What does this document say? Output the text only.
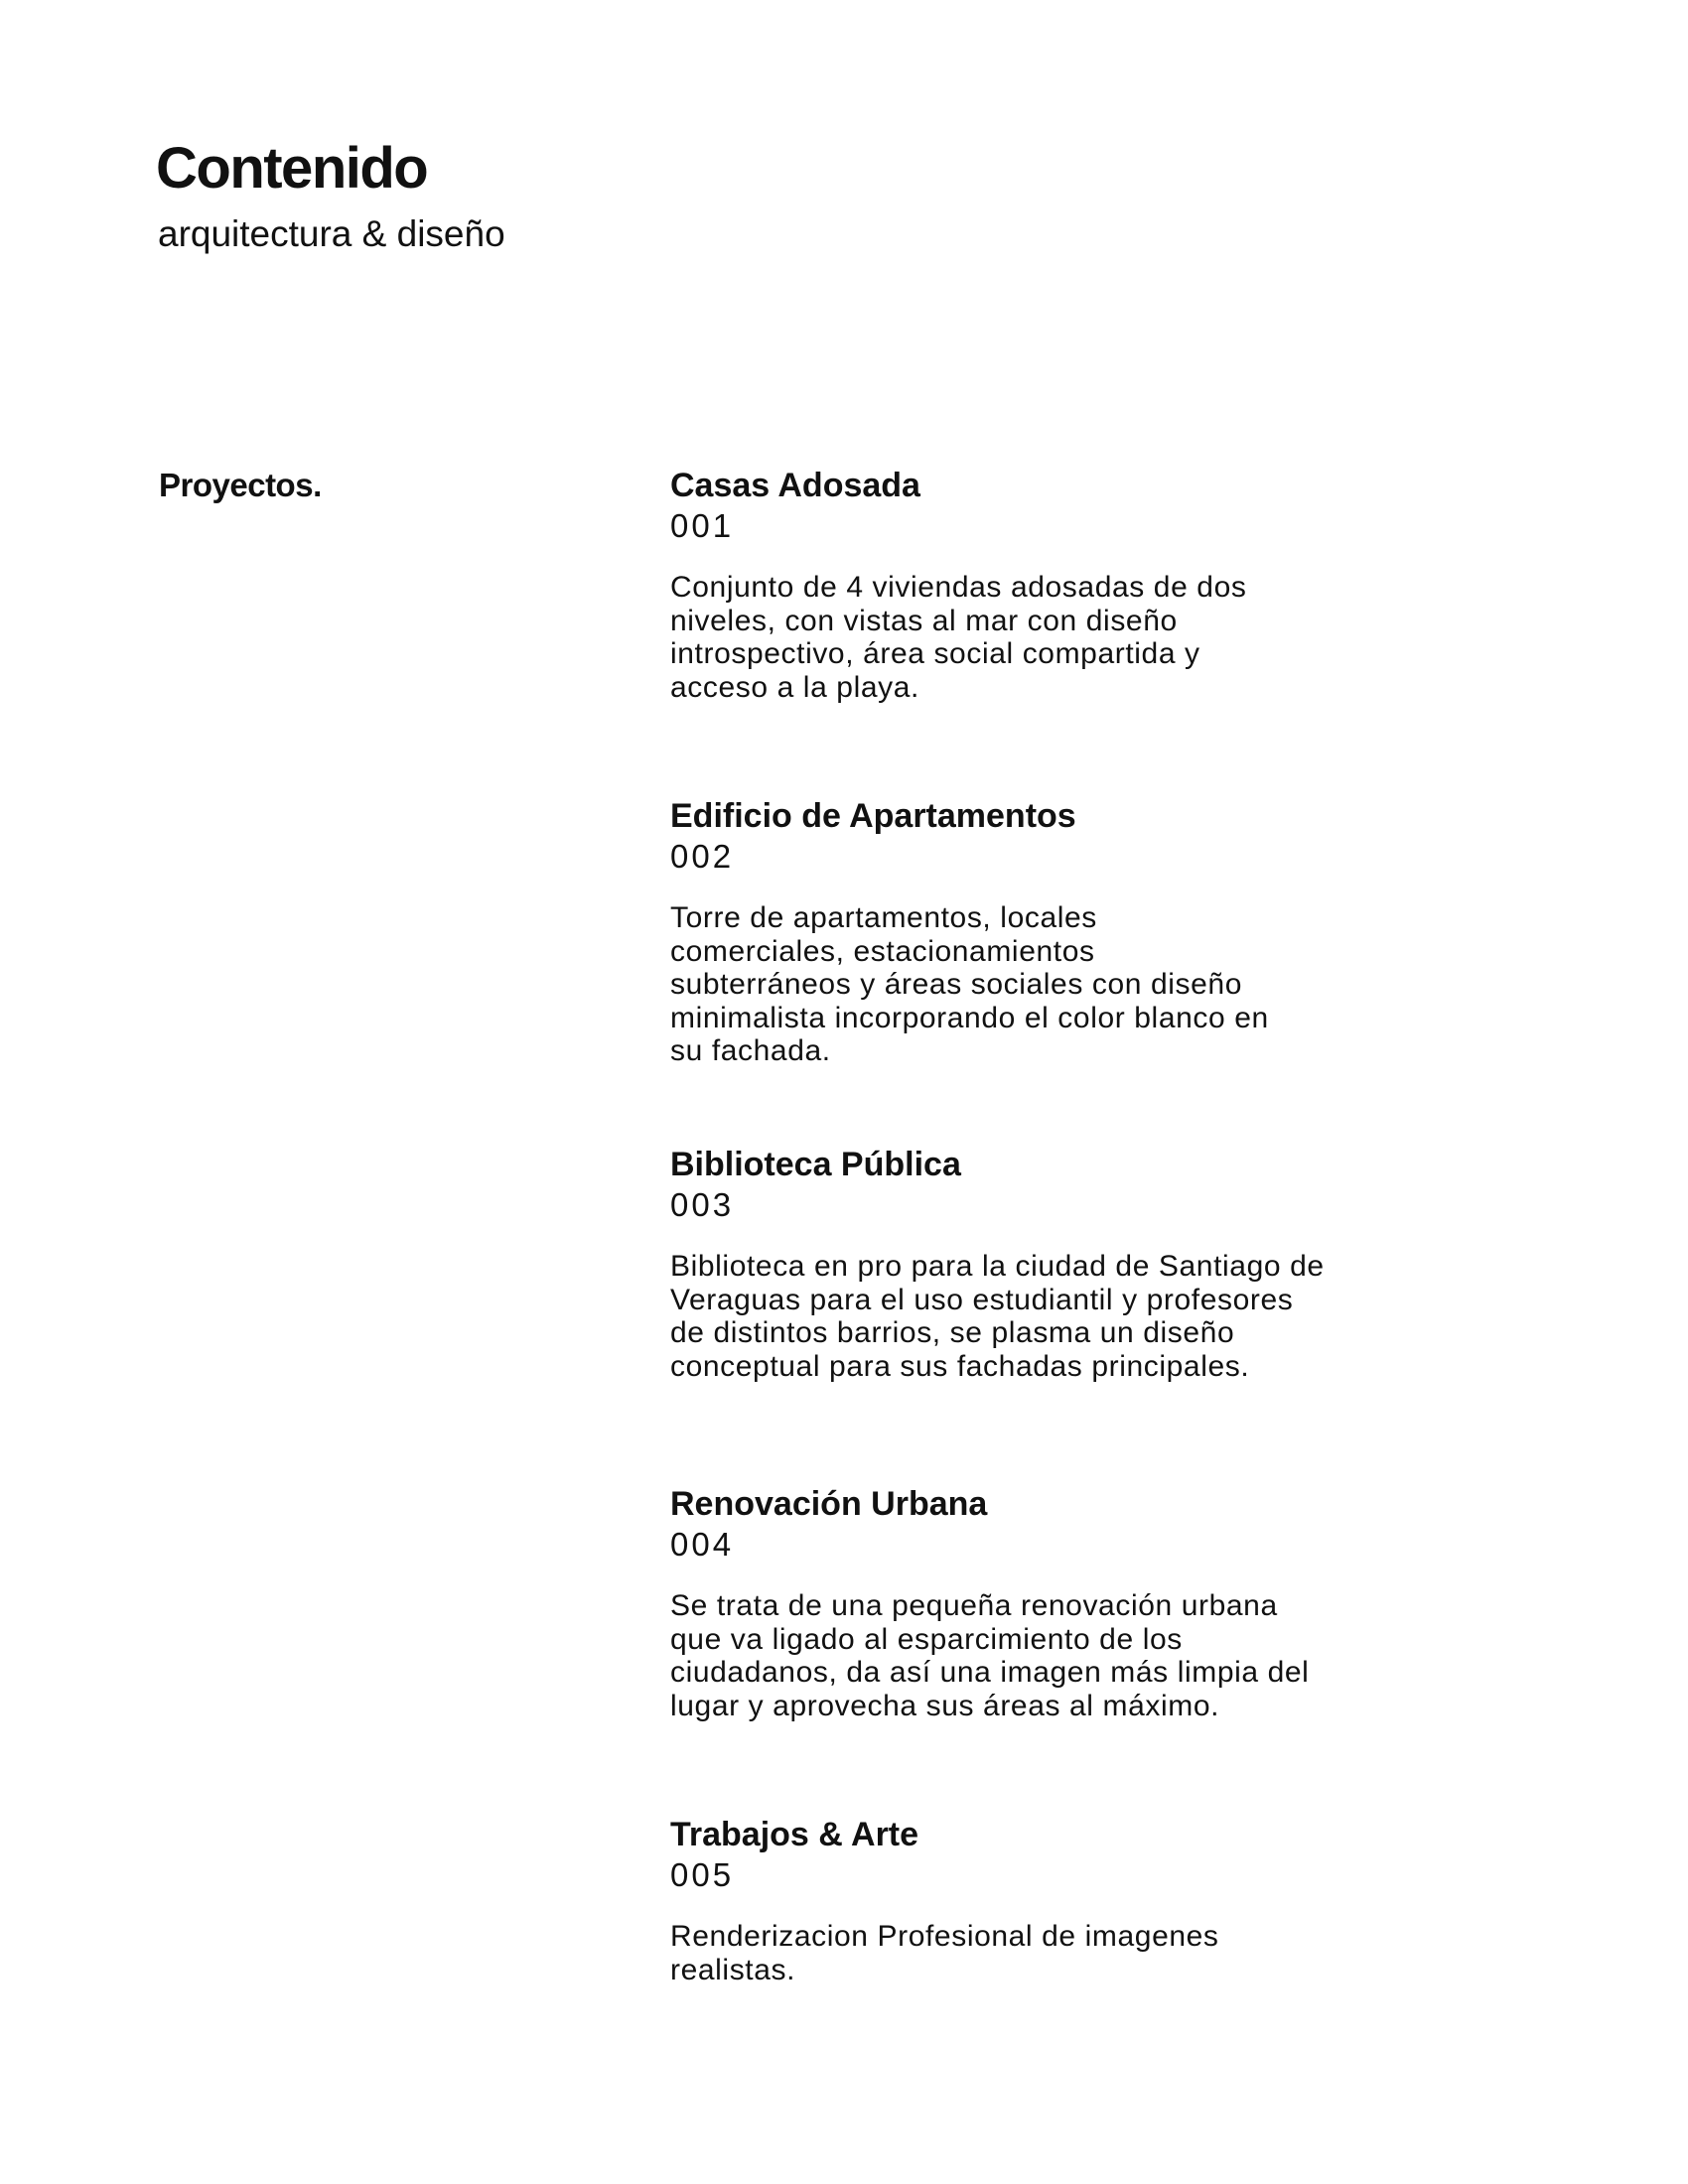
Contenido

arquitectura & diseño

Proyectos.	Casas Adosada

001

Conjunto de 4 viviendas adosadas de dos
niveles, con vistas al mar con diseño
introspectivo, área social compartida y
acceso a la playa.

Edificio de Apartamentos

002

Torre de apartamentos, locales
comerciales, estacionamientos
subterráneos y áreas sociales con diseño
minimalista incorporando el color blanco en
su fachada.

Biblioteca Pública

003

Biblioteca en pro para la ciudad de Santiago de
Veraguas para el uso estudiantil y profesores
de distintos barrios, se plasma un diseño
conceptual para sus fachadas principales.

Renovación Urbana

004

Se trata de una pequeña renovación urbana
que va ligado al esparcimiento de los
ciudadanos, da así una imagen más limpia del
lugar y aprovecha sus áreas al máximo.

Trabajos & Arte

005

Renderizacion Profesional de imagenes
realistas.
